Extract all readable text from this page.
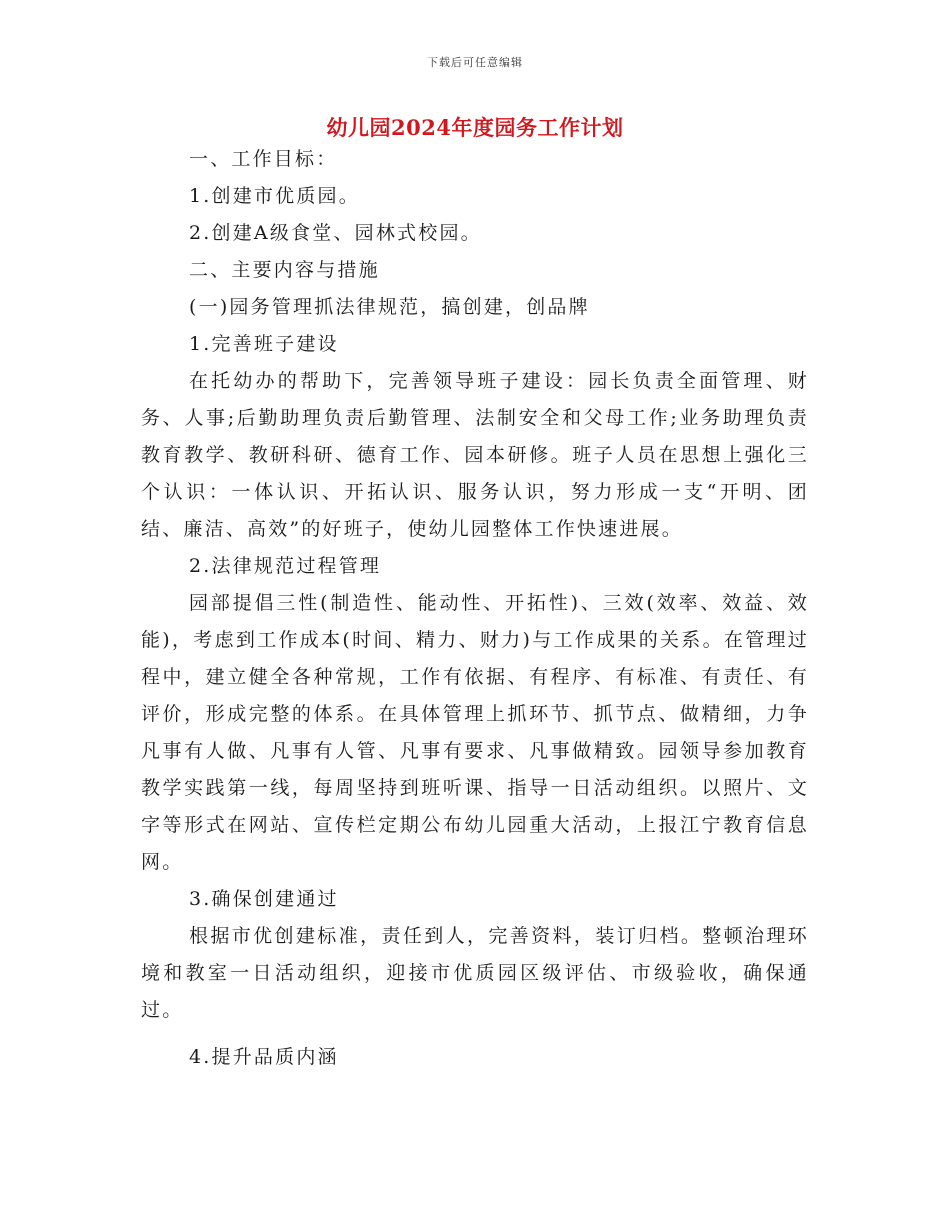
下载后可任意编辑
幼儿园2024年度园务工作计划

一、工作目标：

1.创建市优质园。

2.创建A级食堂、园林式校园。

二、主要内容与措施

(一)园务管理抓法律规范，搞创建，创品牌

1.完善班子建设

在托幼办的帮助下，完善领导班子建设：园长负责全面管理、财务、人事;后勤助理负责后勤管理、法制安全和父母工作;业务助理负责教育教学、教研科研、德育工作、园本研修。班子人员在思想上强化三个认识：一体认识、开拓认识、服务认识，努力形成一支“开明、团结、廉洁、高效”的好班子，使幼儿园整体工作快速进展。

2.法律规范过程管理

园部提倡三性(制造性、能动性、开拓性)、三效(效率、效益、效能)，考虑到工作成本(时间、精力、财力)与工作成果的关系。在管理过程中，建立健全各种常规，工作有依据、有程序、有标准、有责任、有评价，形成完整的体系。在具体管理上抓环节、抓节点、做精细，力争凡事有人做、凡事有人管、凡事有要求、凡事做精致。园领导参加教育教学实践第一线，每周坚持到班听课、指导一日活动组织。以照片、文字等形式在网站、宣传栏定期公布幼儿园重大活动，上报江宁教育信息网。

3.确保创建通过

根据市优创建标准，责任到人，完善资料，装订归档。整顿治理环境和教室一日活动组织，迎接市优质园区级评估、市级验收，确保通过。

4.提升品质内涵
